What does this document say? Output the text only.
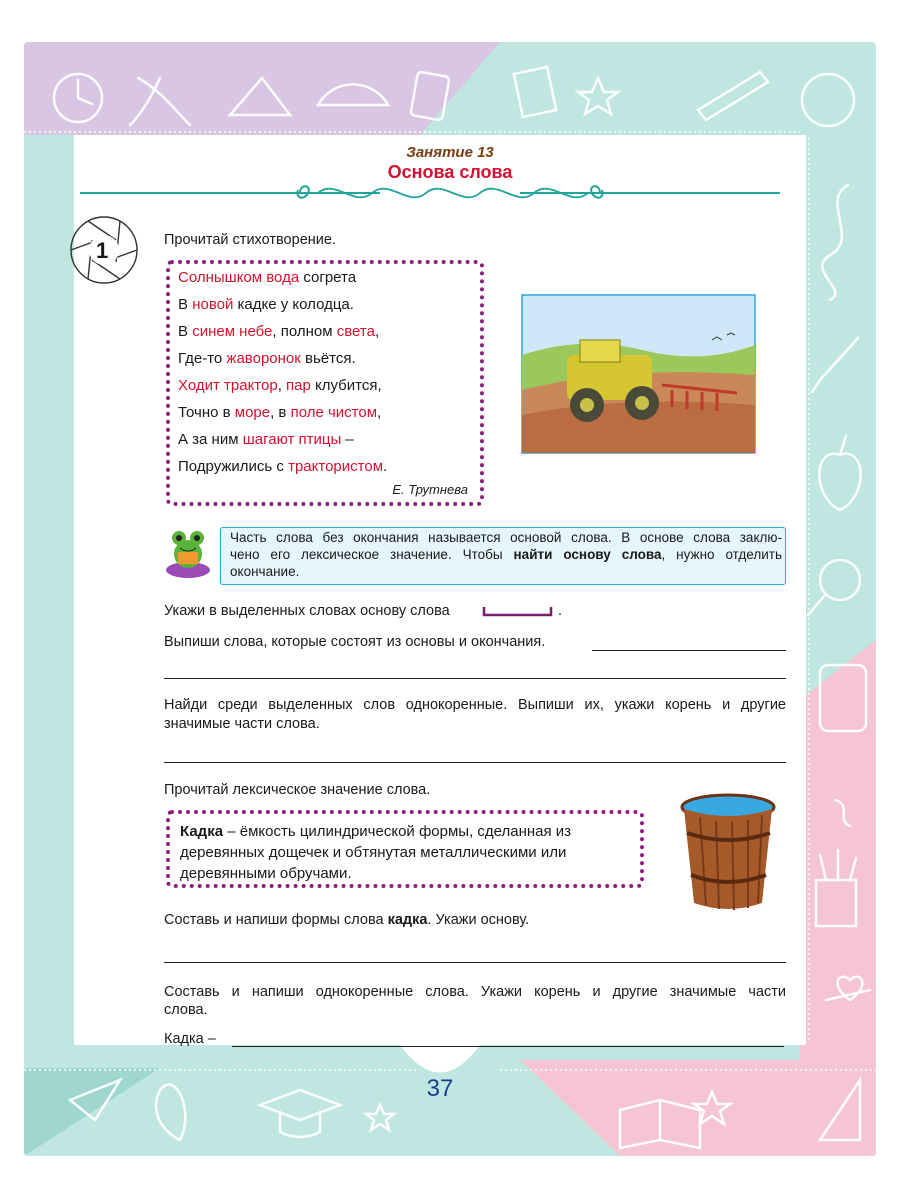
Занятие 13
Основа слова
1	Прочитай стихотворение.
Солнышком вода согрета
В новой кадке у колодца.
В синем небе, полном света,
Где-то жаворонок вьётся.
Ходит трактор, пар клубится,
Точно в море, в поле чистом,
А за ним шагают птицы –
Подружились с трактористом.
Е. Трутнева
Часть слова без окончания называется основой слова. В основе слова заклю-
чено его лексическое значение. Чтобы найти основу слова, нужно отделить
окончание.
Укажи в выделенных словах основу слова	.
Выпиши слова, которые состоят из основы и окончания.
Найди среди выделенных слов однокоренные. Выпиши их, укажи корень и другие
значимые части слова.
Прочитай лексическое значение слова.
Кадка – ёмкость цилиндрической формы, сделанная из
деревянных дощечек и обтянутая металлическими или
деревянными обручами.
Составь и напиши формы слова кадка. Укажи основу.
Составь и напиши однокоренные слова. Укажи корень и другие значимые части
слова.
Кадка –
37
